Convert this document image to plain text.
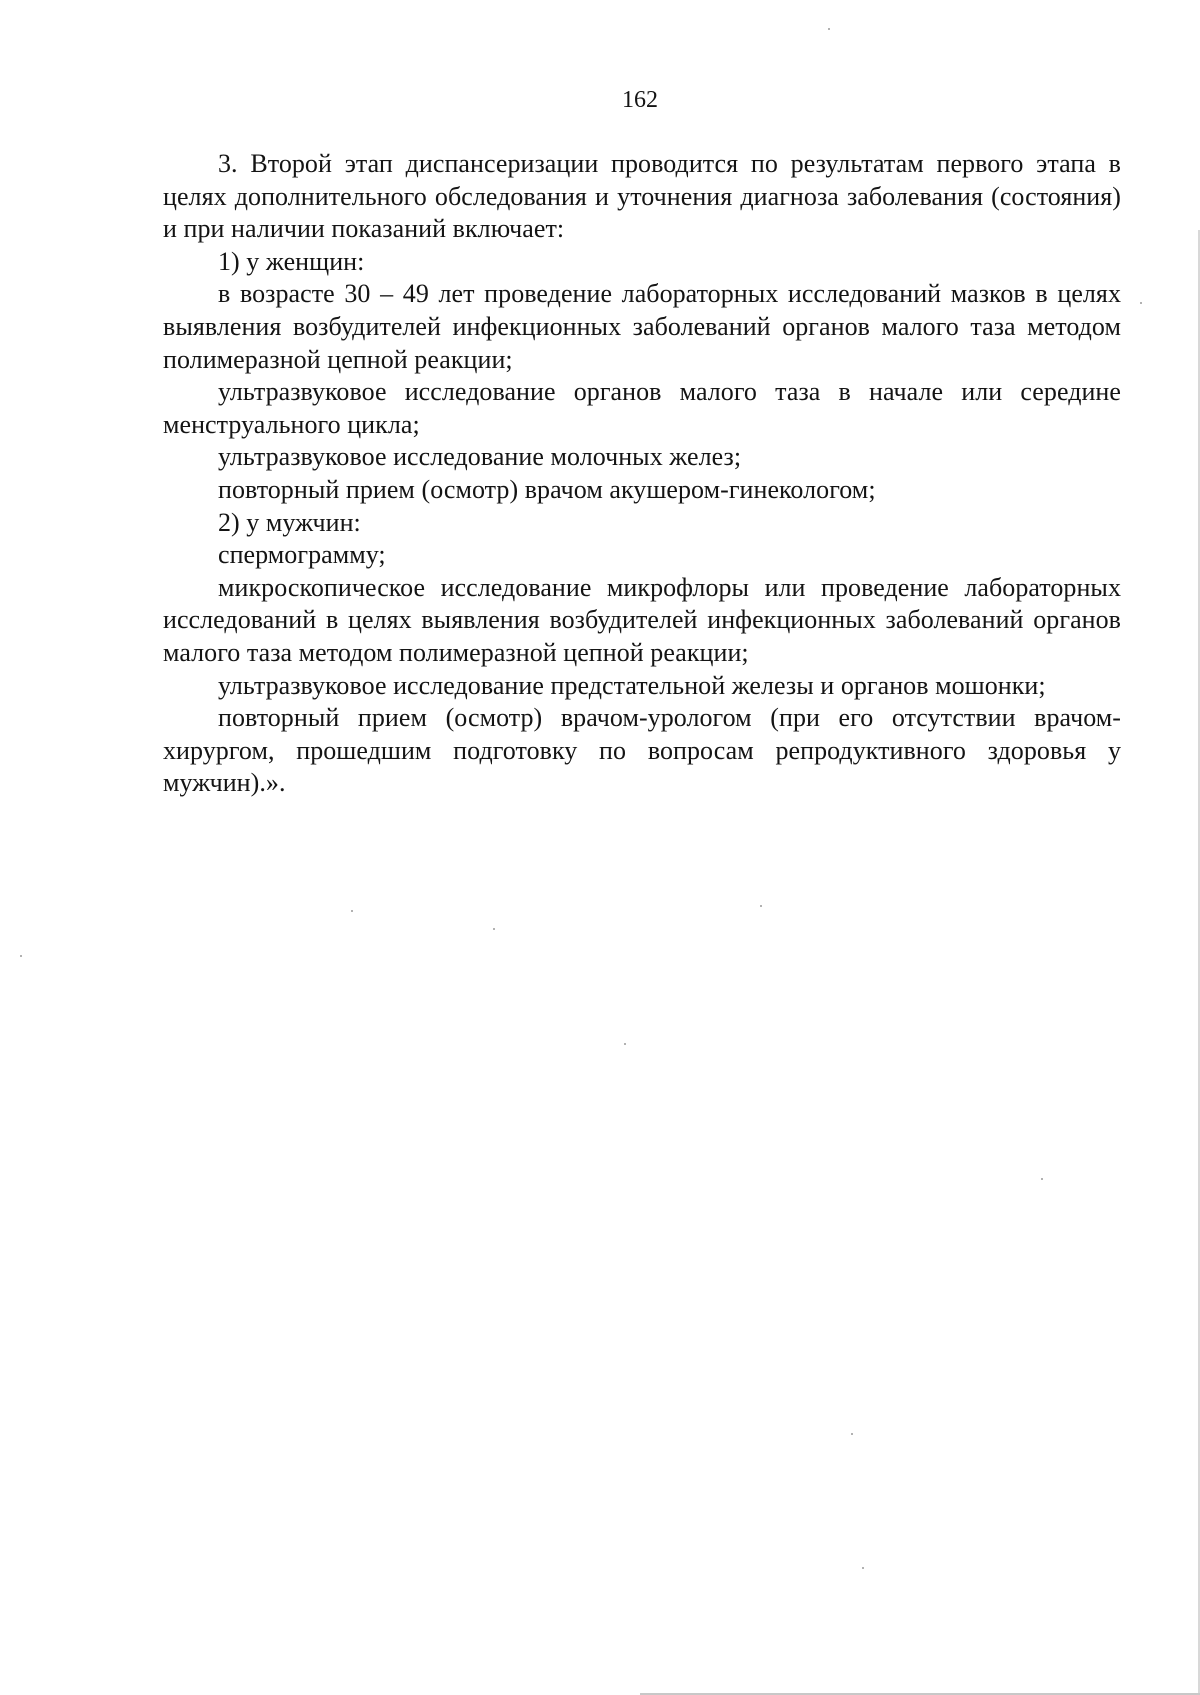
162

3. Второй этап диспансеризации проводится по результатам первого этапа в целях дополнительного обследования и уточнения диагноза заболевания (состояния) и при наличии показаний включает:

1) у женщин:

в возрасте 30 – 49 лет проведение лабораторных исследований мазков в целях выявления возбудителей инфекционных заболеваний органов малого таза методом полимеразной цепной реакции;

ультразвуковое исследование органов малого таза в начале или середине менструального цикла;

ультразвуковое исследование молочных желез;

повторный прием (осмотр) врачом акушером-гинекологом;

2) у мужчин:

спермограмму;

микроскопическое исследование микрофлоры или проведение лабораторных исследований в целях выявления возбудителей инфекционных заболеваний органов малого таза методом полимеразной цепной реакции;

ультразвуковое исследование предстательной железы и органов мошонки;

повторный прием (осмотр) врачом-урологом (при его отсутствии врачом-хирургом, прошедшим подготовку по вопросам репродуктивного здоровья у мужчин).».
